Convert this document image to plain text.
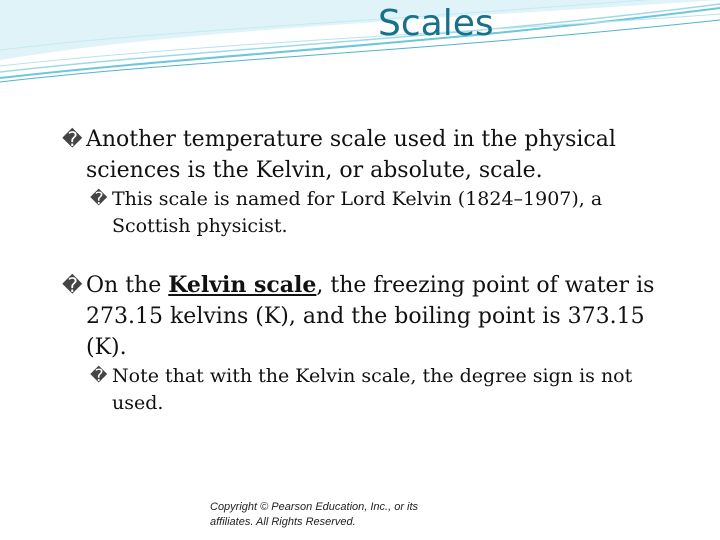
Scales
� Another temperature scale used in the physical sciences is the Kelvin, or absolute, scale.
� This scale is named for Lord Kelvin (1824–1907), a Scottish physicist.
� On the Kelvin scale, the freezing point of water is 273.15 kelvins (K), and the boiling point is 373.15 (K).
� Note that with the Kelvin scale, the degree sign is not used.
Copyright © Pearson Education, Inc., or its affiliates. All Rights Reserved.
